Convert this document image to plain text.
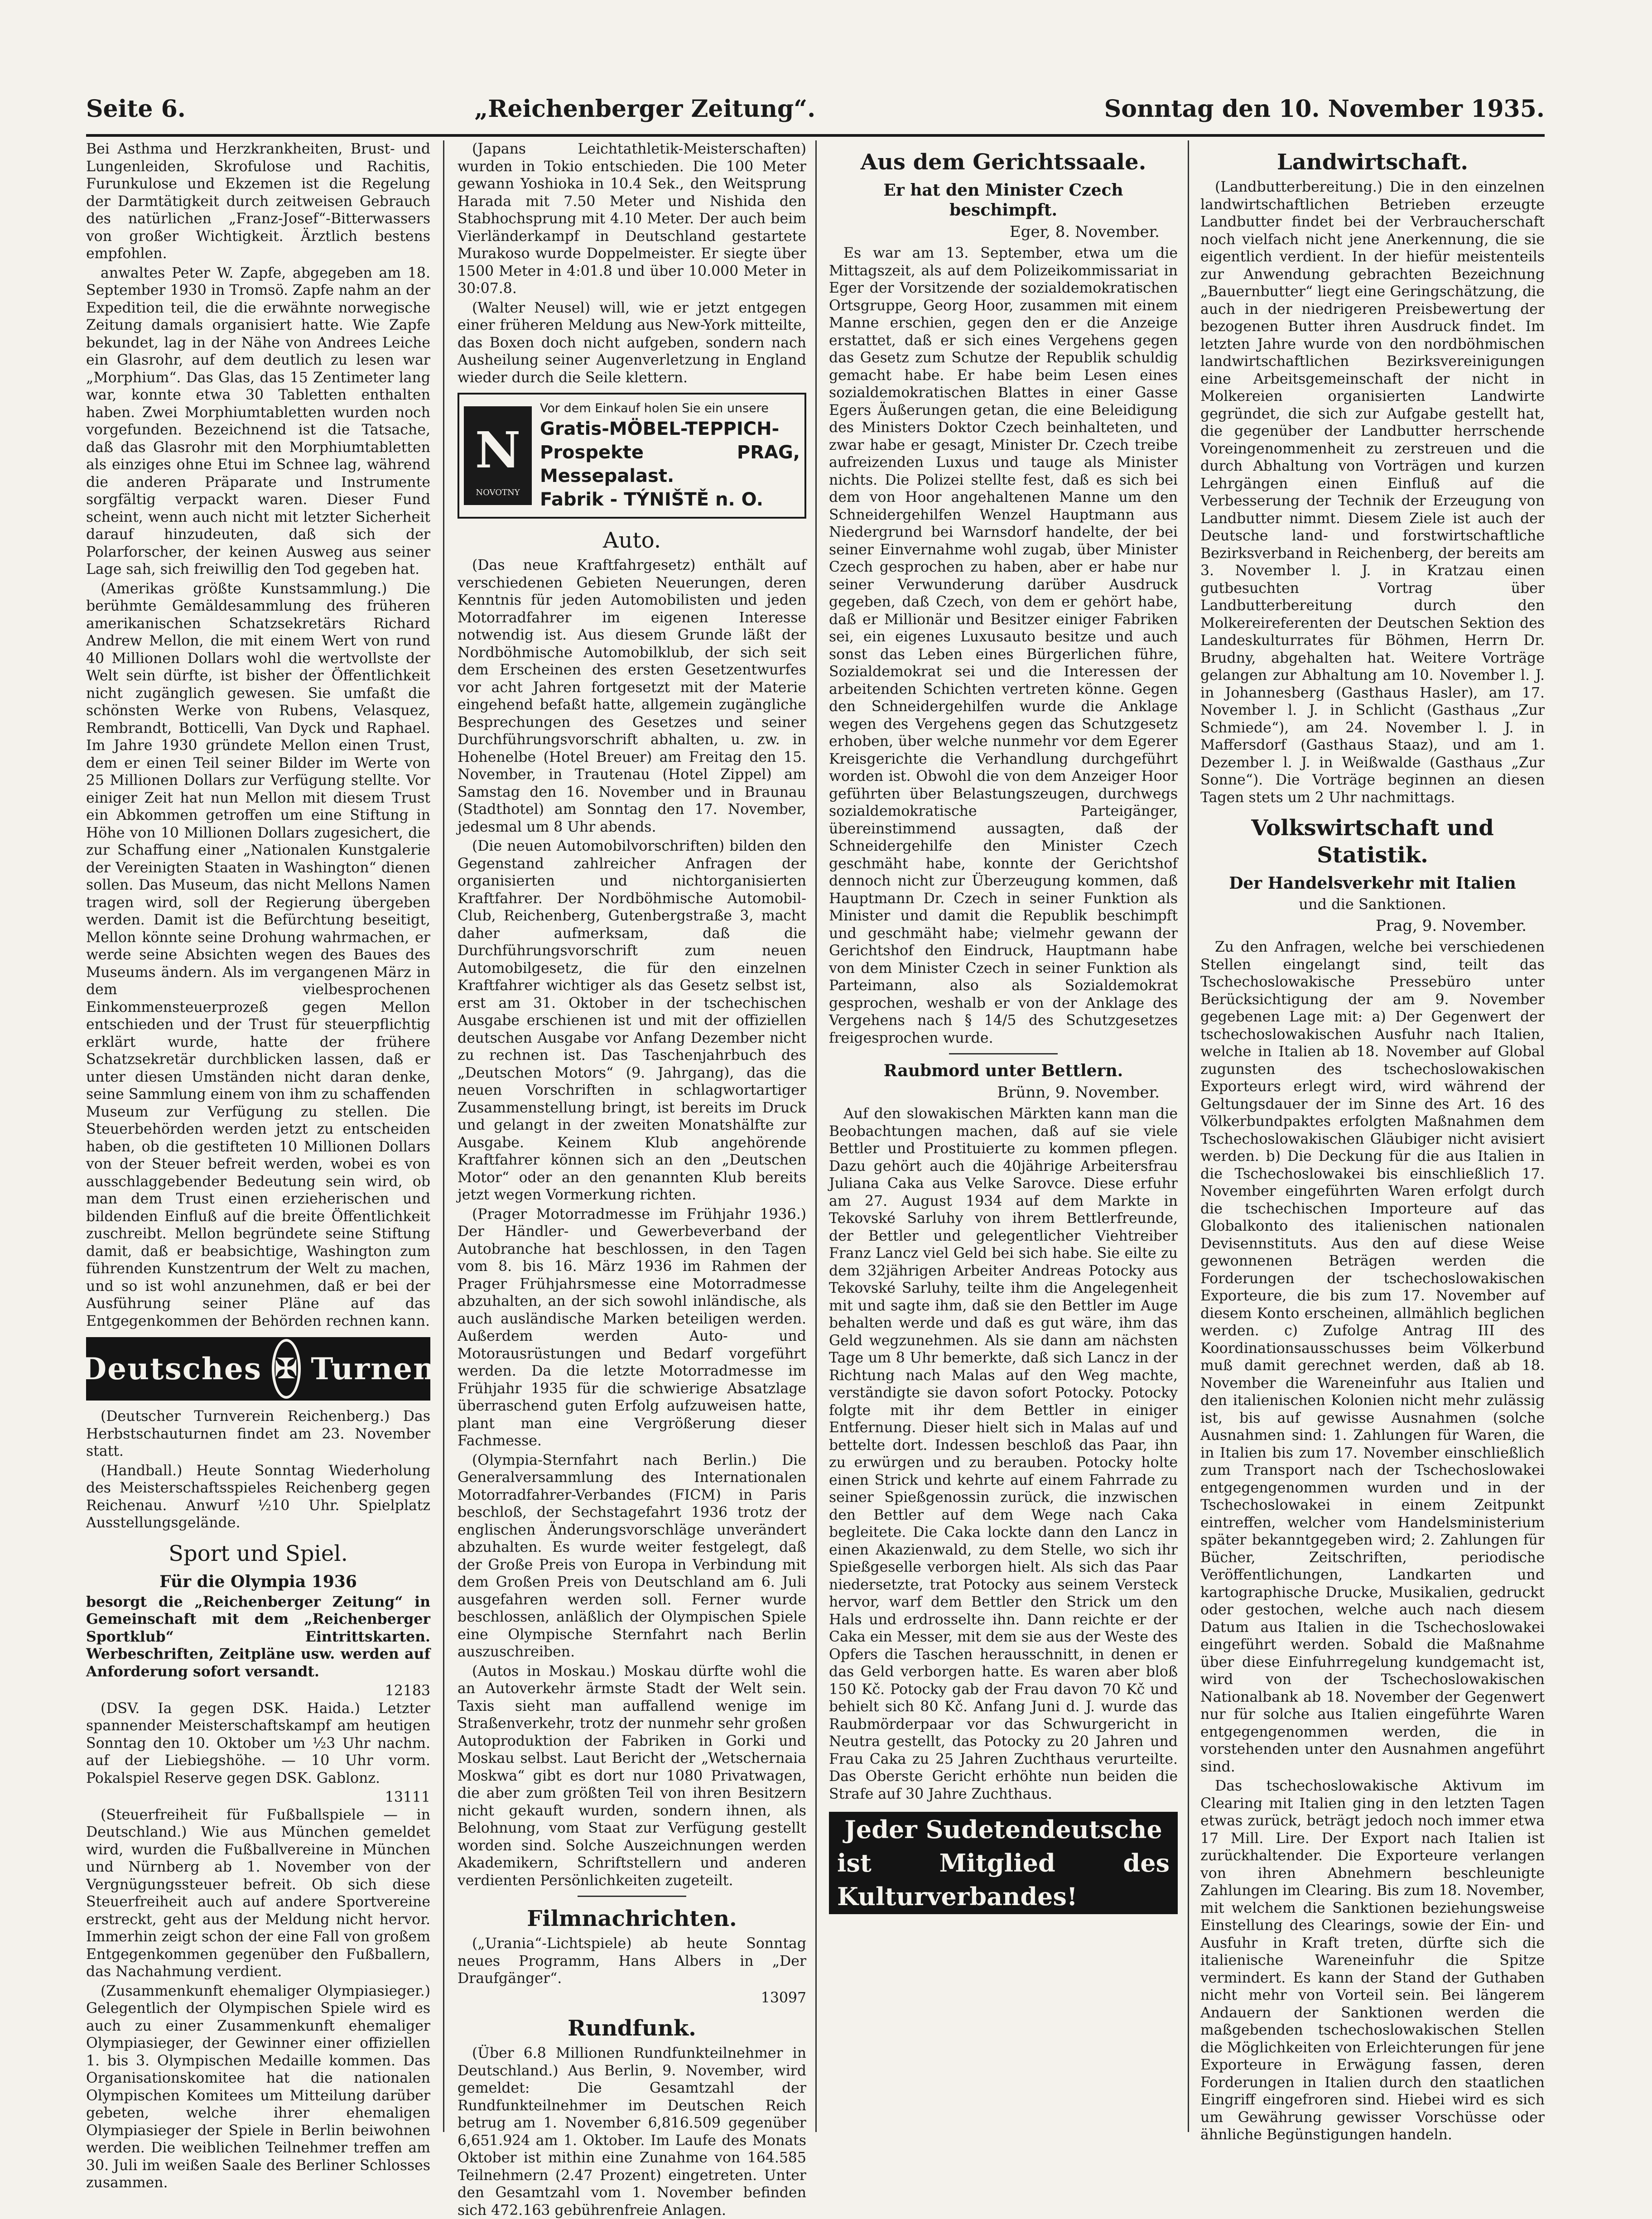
Seite 6.	„Reichenberger Zeitung“.	Sonntag den 10. November 1935.

Bei Asthma und Herzkrankheiten, Brust- und Lungenleiden, Skrofulose und Rachitis, Furunkulose und Ekzemen ist die Regelung der Darmtätigkeit durch zeitweisen Gebrauch des natürlichen „Franz-Josef“-Bitterwassers von großer Wichtigkeit. Ärztlich bestens empfohlen.

anwaltes Peter W. Zapfe, abgegeben am 18. September 1930 in Tromsö. Zapfe nahm an der Expedition teil, die die erwähnte norwegische Zeitung damals organisiert hatte. Wie Zapfe bekundet, lag in der Nähe von Andrees Leiche ein Glasrohr, auf dem deutlich zu lesen war „Morphium“. Das Glas, das 15 Zentimeter lang war, konnte etwa 30 Tabletten enthalten haben. Zwei Morphiumtabletten wurden noch vorgefunden. Bezeichnend ist die Tatsache, daß das Glasrohr mit den Morphiumtabletten als einziges ohne Etui im Schnee lag, während die anderen Präparate und Instrumente sorgfältig verpackt waren. Dieser Fund scheint, wenn auch nicht mit letzter Sicherheit darauf hinzudeuten, daß sich der Polarforscher, der keinen Ausweg aus seiner Lage sah, sich freiwillig den Tod gegeben hat.

(Amerikas größte Kunstsammlung.) Die berühmte Gemäldesammlung des früheren amerikanischen Schatzsekretärs Richard Andrew Mellon, die mit einem Wert von rund 40 Millionen Dollars wohl die wertvollste der Welt sein dürfte, ist bisher der Öffentlichkeit nicht zugänglich gewesen. Sie umfaßt die schönsten Werke von Rubens, Velasquez, Rembrandt, Botticelli, Van Dyck und Raphael. Im Jahre 1930 gründete Mellon einen Trust, dem er einen Teil seiner Bilder im Werte von 25 Millionen Dollars zur Verfügung stellte. Vor einiger Zeit hat nun Mellon mit diesem Trust ein Abkommen getroffen um eine Stiftung in Höhe von 10 Millionen Dollars zugesichert, die zur Schaffung einer „Nationalen Kunstgalerie der Vereinigten Staaten in Washington“ dienen sollen. Das Museum, das nicht Mellons Namen tragen wird, soll der Regierung übergeben werden. Damit ist die Befürchtung beseitigt, Mellon könnte seine Drohung wahrmachen, er werde seine Absichten wegen des Baues des Museums ändern. Als im vergangenen März in dem vielbesprochenen Einkommensteuerprozeß gegen Mellon entschieden und der Trust für steuerpflichtig erklärt wurde, hatte der frühere Schatzsekretär durchblicken lassen, daß er unter diesen Umständen nicht daran denke, seine Sammlung einem von ihm zu schaffenden Museum zur Verfügung zu stellen. Die Steuerbehörden werden jetzt zu entscheiden haben, ob die gestifteten 10 Millionen Dollars von der Steuer befreit werden, wobei es von ausschlaggebender Bedeutung sein wird, ob man dem Trust einen erzieherischen und bildenden Einfluß auf die breite Öffentlichkeit zuschreibt. Mellon begründete seine Stiftung damit, daß er beabsichtige, Washington zum führenden Kunstzentrum der Welt zu machen, und so ist wohl anzunehmen, daß er bei der Ausführung seiner Pläne auf das Entgegenkommen der Behörden rechnen kann.

Deutsches ✠ Turnen

(Deutscher Turnverein Reichenberg.) Das Herbstschauturnen findet am 23. November statt.

(Handball.) Heute Sonntag Wiederholung des Meisterschaftsspieles Reichenberg gegen Reichenau. Anwurf ½10 Uhr. Spielplatz Ausstellungsgelände.

Sport und Spiel.
Für die Olympia 1936

besorgt die „Reichenberger Zeitung“ in Gemeinschaft mit dem „Reichenberger Sportklub“ Eintrittskarten. Werbeschriften, Zeitpläne usw. werden auf Anforderung sofort versandt.

12183

(DSV. Ia gegen DSK. Haida.) Letzter spannender Meisterschaftskampf am heutigen Sonntag den 10. Oktober um ½3 Uhr nachm. auf der Liebiegshöhe. — 10 Uhr vorm. Pokalspiel Reserve gegen DSK. Gablonz.

13111

(Steuerfreiheit für Fußballspiele — in Deutschland.) Wie aus München gemeldet wird, wurden die Fußballvereine in München und Nürnberg ab 1. November von der Vergnügungssteuer befreit. Ob sich diese Steuerfreiheit auch auf andere Sportvereine erstreckt, geht aus der Meldung nicht hervor. Immerhin zeigt schon der eine Fall von großem Entgegenkommen gegenüber den Fußballern, das Nachahmung verdient.

(Zusammenkunft ehemaliger Olympiasieger.) Gelegentlich der Olympischen Spiele wird es auch zu einer Zusammenkunft ehemaliger Olympiasieger, der Gewinner einer offiziellen 1. bis 3. Olympischen Medaille kommen. Das Organisationskomitee hat die nationalen Olympischen Komitees um Mitteilung darüber gebeten, welche ihrer ehemaligen Olympiasieger der Spiele in Berlin beiwohnen werden. Die weiblichen Teilnehmer treffen am 30. Juli im weißen Saale des Berliner Schlosses zusammen.

(Japans Leichtathletik-Meisterschaften) wurden in Tokio entschieden. Die 100 Meter gewann Yoshioka in 10.4 Sek., den Weitsprung Harada mit 7.50 Meter und Nishida den Stabhochsprung mit 4.10 Meter. Der auch beim Vierländerkampf in Deutschland gestartete Murakoso wurde Doppelmeister. Er siegte über 1500 Meter in 4:01.8 und über 10.000 Meter in 30:07.8.

(Walter Neusel) will, wie er jetzt entgegen einer früheren Meldung aus New-York mitteilte, das Boxen doch nicht aufgeben, sondern nach Ausheilung seiner Augenverletzung in England wieder durch die Seile klettern.

N
NOVOTNY
Vor dem Einkauf holen Sie ein unsere
Gratis-MÖBEL-TEPPICH-
Prospekte PRAG, Messepalast.
Fabrik - TÝNIŠTĚ n. O.
Auto.

(Das neue Kraftfahrgesetz) enthält auf verschiedenen Gebieten Neuerungen, deren Kenntnis für jeden Automobilisten und jeden Motorradfahrer im eigenen Interesse notwendig ist. Aus diesem Grunde läßt der Nordböhmische Automobilklub, der sich seit dem Erscheinen des ersten Gesetzentwurfes vor acht Jahren fortgesetzt mit der Materie eingehend befaßt hatte, allgemein zugängliche Besprechungen des Gesetzes und seiner Durchführungsvorschrift abhalten, u. zw. in Hohenelbe (Hotel Breuer) am Freitag den 15. November, in Trautenau (Hotel Zippel) am Samstag den 16. November und in Braunau (Stadthotel) am Sonntag den 17. November, jedesmal um 8 Uhr abends.

(Die neuen Automobilvorschriften) bilden den Gegenstand zahlreicher Anfragen der organisierten und nichtorganisierten Kraftfahrer. Der Nordböhmische Automobil-Club, Reichenberg, Gutenbergstraße 3, macht daher aufmerksam, daß die Durchführungsvorschrift zum neuen Automobilgesetz, die für den einzelnen Kraftfahrer wichtiger als das Gesetz selbst ist, erst am 31. Oktober in der tschechischen Ausgabe erschienen ist und mit der offiziellen deutschen Ausgabe vor Anfang Dezember nicht zu rechnen ist. Das Taschenjahrbuch des „Deutschen Motors“ (9. Jahrgang), das die neuen Vorschriften in schlagwortartiger Zusammenstellung bringt, ist bereits im Druck und gelangt in der zweiten Monatshälfte zur Ausgabe. Keinem Klub angehörende Kraftfahrer können sich an den „Deutschen Motor“ oder an den genannten Klub bereits jetzt wegen Vormerkung richten.

(Prager Motorradmesse im Frühjahr 1936.) Der Händler- und Gewerbeverband der Autobranche hat beschlossen, in den Tagen vom 8. bis 16. März 1936 im Rahmen der Prager Frühjahrsmesse eine Motorradmesse abzuhalten, an der sich sowohl inländische, als auch ausländische Marken beteiligen werden. Außerdem werden Auto- und Motorausrüstungen und Bedarf vorgeführt werden. Da die letzte Motorradmesse im Frühjahr 1935 für die schwierige Absatzlage überraschend guten Erfolg aufzuweisen hatte, plant man eine Vergrößerung dieser Fachmesse.

(Olympia-Sternfahrt nach Berlin.) Die Generalversammlung des Internationalen Motorradfahrer-Verbandes (FICM) in Paris beschloß, der Sechstagefahrt 1936 trotz der englischen Änderungsvorschläge unverändert abzuhalten. Es wurde weiter festgelegt, daß der Große Preis von Europa in Verbindung mit dem Großen Preis von Deutschland am 6. Juli ausgefahren werden soll. Ferner wurde beschlossen, anläßlich der Olympischen Spiele eine Olympische Sternfahrt nach Berlin auszuschreiben.

(Autos in Moskau.) Moskau dürfte wohl die an Autoverkehr ärmste Stadt der Welt sein. Taxis sieht man auffallend wenige im Straßenverkehr, trotz der nunmehr sehr großen Autoproduktion der Fabriken in Gorki und Moskau selbst. Laut Bericht der „Wetschernaia Moskwa“ gibt es dort nur 1080 Privatwagen, die aber zum größten Teil von ihren Besitzern nicht gekauft wurden, sondern ihnen, als Belohnung, vom Staat zur Verfügung gestellt worden sind. Solche Auszeichnungen werden Akademikern, Schriftstellern und anderen verdienten Persönlichkeiten zugeteilt.

Filmnachrichten.

(„Urania“-Lichtspiele) ab heute Sonntag neues Programm, Hans Albers in „Der Draufgänger“.

13097
Rundfunk.

(Über 6.8 Millionen Rundfunkteilnehmer in Deutschland.) Aus Berlin, 9. November, wird gemeldet: Die Gesamtzahl der Rundfunkteilnehmer im Deutschen Reich betrug am 1. November 6,816.509 gegenüber 6,651.924 am 1. Oktober. Im Laufe des Monats Oktober ist mithin eine Zunahme von 164.585 Teilnehmern (2.47 Prozent) eingetreten. Unter den Gesamtzahl vom 1. November befinden sich 472.163 gebührenfreie Anlagen.

Aus dem Gerichtssaale.
Er hat den Minister Czech beschimpft.
Eger, 8. November.

Es war am 13. September, etwa um die Mittagszeit, als auf dem Polizeikommissariat in Eger der Vorsitzende der sozialdemokratischen Ortsgruppe, Georg Hoor, zusammen mit einem Manne erschien, gegen den er die Anzeige erstattet, daß er sich eines Vergehens gegen das Gesetz zum Schutze der Republik schuldig gemacht habe. Er habe beim Lesen eines sozialdemokratischen Blattes in einer Gasse Egers Äußerungen getan, die eine Beleidigung des Ministers Doktor Czech beinhalteten, und zwar habe er gesagt, Minister Dr. Czech treibe aufreizenden Luxus und tauge als Minister nichts. Die Polizei stellte fest, daß es sich bei dem von Hoor angehaltenen Manne um den Schneidergehilfen Wenzel Hauptmann aus Niedergrund bei Warnsdorf handelte, der bei seiner Einvernahme wohl zugab, über Minister Czech gesprochen zu haben, aber er habe nur seiner Verwunderung darüber Ausdruck gegeben, daß Czech, von dem er gehört habe, daß er Millionär und Besitzer einiger Fabriken sei, ein eigenes Luxusauto besitze und auch sonst das Leben eines Bürgerlichen führe, Sozialdemokrat sei und die Interessen der arbeitenden Schichten vertreten könne. Gegen den Schneidergehilfen wurde die Anklage wegen des Vergehens gegen das Schutzgesetz erhoben, über welche nunmehr vor dem Egerer Kreisgerichte die Verhandlung durchgeführt worden ist. Obwohl die von dem Anzeiger Hoor geführten über Belastungszeugen, durchwegs sozialdemokratische Parteigänger, übereinstimmend aussagten, daß der Schneidergehilfe den Minister Czech geschmäht habe, konnte der Gerichtshof dennoch nicht zur Überzeugung kommen, daß Hauptmann Dr. Czech in seiner Funktion als Minister und damit die Republik beschimpft und geschmäht habe; vielmehr gewann der Gerichtshof den Eindruck, Hauptmann habe von dem Minister Czech in seiner Funktion als Parteimann, also als Sozialdemokrat gesprochen, weshalb er von der Anklage des Vergehens nach § 14/5 des Schutzgesetzes freigesprochen wurde.

Raubmord unter Bettlern.
Brünn, 9. November.

Auf den slowakischen Märkten kann man die Beobachtungen machen, daß auf sie viele Bettler und Prostituierte zu kommen pflegen. Dazu gehört auch die 40jährige Arbeitersfrau Juliana Caka aus Velke Sarovce. Diese erfuhr am 27. August 1934 auf dem Markte in Tekovské Sarluhy von ihrem Bettlerfreunde, der Bettler und gelegentlicher Viehtreiber Franz Lancz viel Geld bei sich habe. Sie eilte zu dem 32jährigen Arbeiter Andreas Potocky aus Tekovské Sarluhy, teilte ihm die Angelegenheit mit und sagte ihm, daß sie den Bettler im Auge behalten werde und daß es gut wäre, ihm das Geld wegzunehmen. Als sie dann am nächsten Tage um 8 Uhr bemerkte, daß sich Lancz in der Richtung nach Malas auf den Weg machte, verständigte sie davon sofort Potocky. Potocky folgte mit ihr dem Bettler in einiger Entfernung. Dieser hielt sich in Malas auf und bettelte dort. Indessen beschloß das Paar, ihn zu erwürgen und zu berauben. Potocky holte einen Strick und kehrte auf einem Fahrrade zu seiner Spießgenossin zurück, die inzwischen den Bettler auf dem Wege nach Caka begleitete. Die Caka lockte dann den Lancz in einen Akazienwald, zu dem Stelle, wo sich ihr Spießgeselle verborgen hielt. Als sich das Paar niedersetzte, trat Potocky aus seinem Versteck hervor, warf dem Bettler den Strick um den Hals und erdrosselte ihn. Dann reichte er der Caka ein Messer, mit dem sie aus der Weste des Opfers die Taschen herausschnitt, in denen er das Geld verborgen hatte. Es waren aber bloß 150 Kč. Potocky gab der Frau davon 70 Kč und behielt sich 80 Kč. Anfang Juni d. J. wurde das Raubmörderpaar vor das Schwurgericht in Neutra gestellt, das Potocky zu 20 Jahren und Frau Caka zu 25 Jahren Zuchthaus verurteilte. Das Oberste Gericht erhöhte nun beiden die Strafe auf 30 Jahre Zuchthaus.

Jeder Sudetendeutsche
ist Mitglied des Kulturverbandes!
Landwirtschaft.

(Landbutterbereitung.) Die in den einzelnen landwirtschaftlichen Betrieben erzeugte Landbutter findet bei der Verbraucherschaft noch vielfach nicht jene Anerkennung, die sie eigentlich verdient. In der hiefür meistenteils zur Anwendung gebrachten Bezeichnung „Bauernbutter“ liegt eine Geringschätzung, die auch in der niedrigeren Preisbewertung der bezogenen Butter ihren Ausdruck findet. Im letzten Jahre wurde von den nordböhmischen landwirtschaftlichen Bezirksvereinigungen eine Arbeitsgemeinschaft der nicht in Molkereien organisierten Landwirte gegründet, die sich zur Aufgabe gestellt hat, die gegenüber der Landbutter herrschende Voreingenommenheit zu zerstreuen und die durch Abhaltung von Vorträgen und kurzen Lehrgängen einen Einfluß auf die Verbesserung der Technik der Erzeugung von Landbutter nimmt. Diesem Ziele ist auch der Deutsche land- und forstwirtschaftliche Bezirksverband in Reichenberg, der bereits am 3. November l. J. in Kratzau einen gutbesuchten Vortrag über Landbutterbereitung durch den Molkereireferenten der Deutschen Sektion des Landeskulturrates für Böhmen, Herrn Dr. Brudny, abgehalten hat. Weitere Vorträge gelangen zur Abhaltung am 10. November l. J. in Johannesberg (Gasthaus Hasler), am 17. November l. J. in Schlicht (Gasthaus „Zur Schmiede“), am 24. November l. J. in Maffersdorf (Gasthaus Staaz), und am 1. Dezember l. J. in Weißwalde (Gasthaus „Zur Sonne“). Die Vorträge beginnen an diesen Tagen stets um 2 Uhr nachmittags.

Volkswirtschaft und Statistik.
Der Handelsverkehr mit Italien
und die Sanktionen.
Prag, 9. November.

Zu den Anfragen, welche bei verschiedenen Stellen eingelangt sind, teilt das Tschechoslowakische Pressebüro unter Berücksichtigung der am 9. November gegebenen Lage mit: a) Der Gegenwert der tschechoslowakischen Ausfuhr nach Italien, welche in Italien ab 18. November auf Global zugunsten des tschechoslowakischen Exporteurs erlegt wird, wird während der Geltungsdauer der im Sinne des Art. 16 des Völkerbundpaktes erfolgten Maßnahmen dem Tschechoslowakischen Gläubiger nicht avisiert werden. b) Die Deckung für die aus Italien in die Tschechoslowakei bis einschließlich 17. November eingeführten Waren erfolgt durch die tschechischen Importeure auf das Globalkonto des italienischen nationalen Devisennstituts. Aus den auf diese Weise gewonnenen Beträgen werden die Forderungen der tschechoslowakischen Exporteure, die bis zum 17. November auf diesem Konto erscheinen, allmählich beglichen werden. c) Zufolge Antrag III des Koordinationsausschusses beim Völkerbund muß damit gerechnet werden, daß ab 18. November die Wareneinfuhr aus Italien und den italienischen Kolonien nicht mehr zulässig ist, bis auf gewisse Ausnahmen (solche Ausnahmen sind: 1. Zahlungen für Waren, die in Italien bis zum 17. November einschließlich zum Transport nach der Tschechoslowakei entgegengenommen wurden und in der Tschechoslowakei in einem Zeitpunkt eintreffen, welcher vom Handelsministerium später bekanntgegeben wird; 2. Zahlungen für Bücher, Zeitschriften, periodische Veröffentlichungen, Landkarten und kartographische Drucke, Musikalien, gedruckt oder gestochen, welche auch nach diesem Datum aus Italien in die Tschechoslowakei eingeführt werden. Sobald die Maßnahme über diese Einfuhrregelung kundgemacht ist, wird von der Tschechoslowakischen Nationalbank ab 18. November der Gegenwert nur für solche aus Italien eingeführte Waren entgegengenommen werden, die in vorstehenden unter den Ausnahmen angeführt sind.

Das tschechoslowakische Aktivum im Clearing mit Italien ging in den letzten Tagen etwas zurück, beträgt jedoch noch immer etwa 17 Mill. Lire. Der Export nach Italien ist zurückhaltender. Die Exporteure verlangen von ihren Abnehmern beschleunigte Zahlungen im Clearing. Bis zum 18. November, mit welchem die Sanktionen beziehungsweise Einstellung des Clearings, sowie der Ein- und Ausfuhr in Kraft treten, dürfte sich die italienische Wareneinfuhr die Spitze vermindert. Es kann der Stand der Guthaben nicht mehr von Vorteil sein. Bei längerem Andauern der Sanktionen werden die maßgebenden tschechoslowakischen Stellen die Möglichkeiten von Erleichterungen für jene Exporteure in Erwägung fassen, deren Forderungen in Italien durch den staatlichen Eingriff eingefroren sind. Hiebei wird es sich um Gewährung gewisser Vorschüsse oder ähnliche Begünstigungen handeln.
